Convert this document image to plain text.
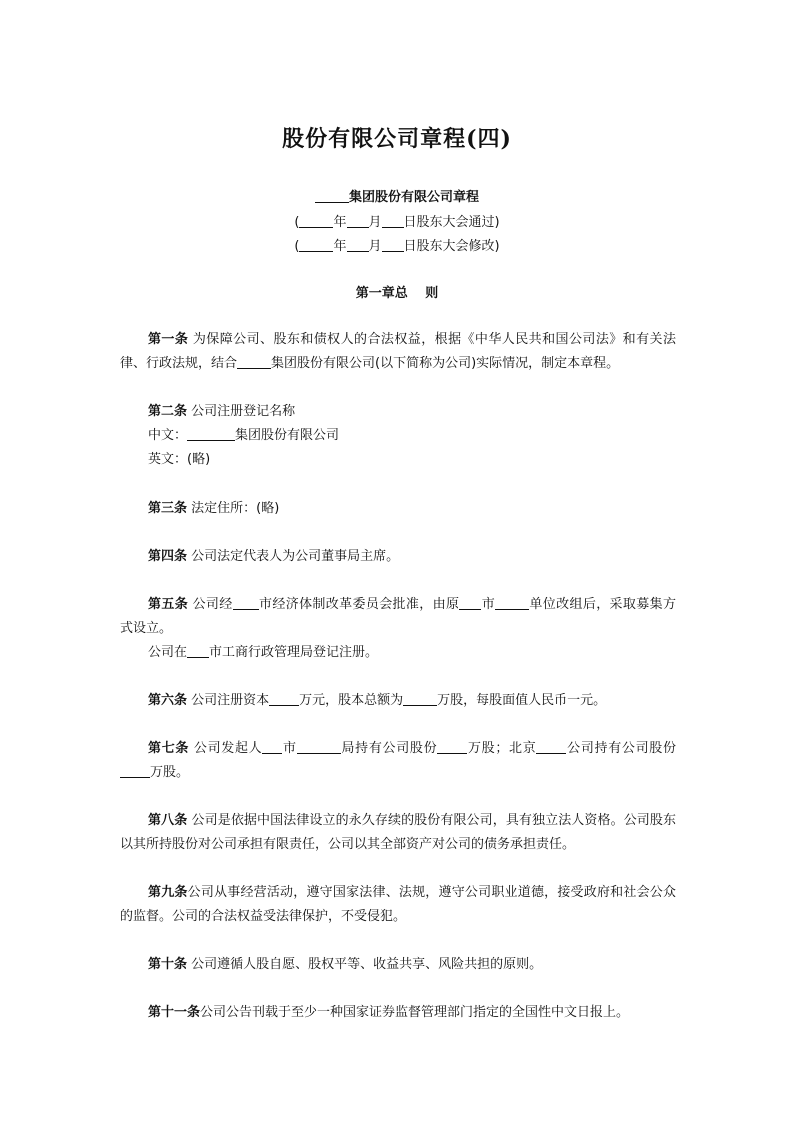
股份有限公司章程(四)
集团股份有限公司章程
(	年 月 日股东大会通过)
(	年 月 日股东大会修改)
第一章总　 则

第一条 为保障公司、股东和债权人的合法权益，根据《中华人民共和国公司法》和有关法律、行政法规，结合	集团股份有限公司(以下简称为公司)实际情况，制定本章程。

第二条 公司注册登记名称

中文：	集团股份有限公司

英文：(略)

第三条 法定住所：(略)

第四条 公司法定代表人为公司董事局主席。

第五条 公司经 市经济体制改革委员会批准，由原 市	单位改组后，采取募集方式设立。

公司在 市工商行政管理局登记注册。

第六条 公司注册资本 万元，股本总额为	万股，每股面值人民币一元。

第七条 公司发起人 市	局持有公司股份 万股；北京 公司持有公司股份万股。

第八条 公司是依据中国法律设立的永久存续的股份有限公司，具有独立法人资格。公司股东以其所持股份对公司承担有限责任，公司以其全部资产对公司的债务承担责任。

第九条公司从事经营活动，遵守国家法律、法规，遵守公司职业道德，接受政府和社会公众的监督。公司的合法权益受法律保护，不受侵犯。

第十条 公司遵循人股自愿、股权平等、收益共享、风险共担的原则。

第十一条公司公告刊载于至少一种国家证券监督管理部门指定的全国性中文日报上。
